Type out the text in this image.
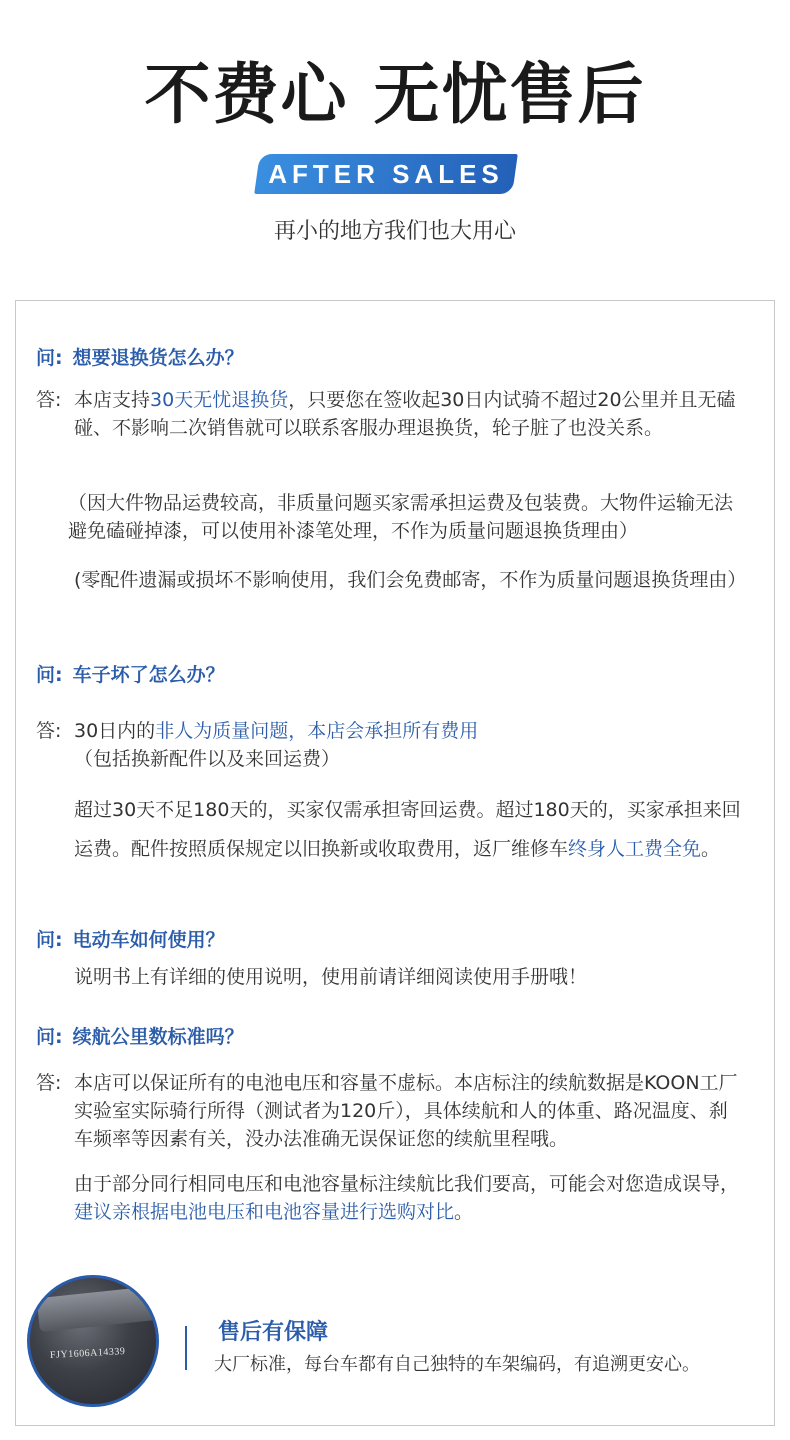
不费心 无忧售后
AFTER SALES
再小的地方我们也大用心
问: 想要退换货怎么办？
答: 本店支持30天无忧退换货，只要您在签收起30日内试骑不超过20公里并且无磕碰、不影响二次销售就可以联系客服办理退换货，轮子脏了也没关系。

（因大件物品运费较高，非质量问题买家需承担运费及包装费。大物件运输无法避免磕碰掉漆，可以使用补漆笔处理，不作为质量问题退换货理由）

(零配件遗漏或损坏不影响使用，我们会免费邮寄，不作为质量问题退换货理由）

问: 车子坏了怎么办？
答: 30日内的非人为质量问题，本店会承担所有费用（包括换新配件以及来回运费）

超过30天不足180天的，买家仅需承担寄回运费。超过180天的，买家承担来回运费。配件按照质保规定以旧换新或收取费用，返厂维修车终身人工费全免。

问: 电动车如何使用？

说明书上有详细的使用说明，使用前请详细阅读使用手册哦！

问: 续航公里数标准吗？
答: 本店可以保证所有的电池电压和容量不虚标。本店标注的续航数据是KOON工厂实验室实际骑行所得（测试者为120斤），具体续航和人的体重、路况温度、刹车频率等因素有关，没办法准确无误保证您的续航里程哦。

由于部分同行相同电压和电池容量标注续航比我们要高，可能会对您造成误导，建议亲根据电池电压和电池容量进行选购对比。

FJY1606A14339
售后有保障
大厂标准，每台车都有自己独特的车架编码，有追溯更安心。
